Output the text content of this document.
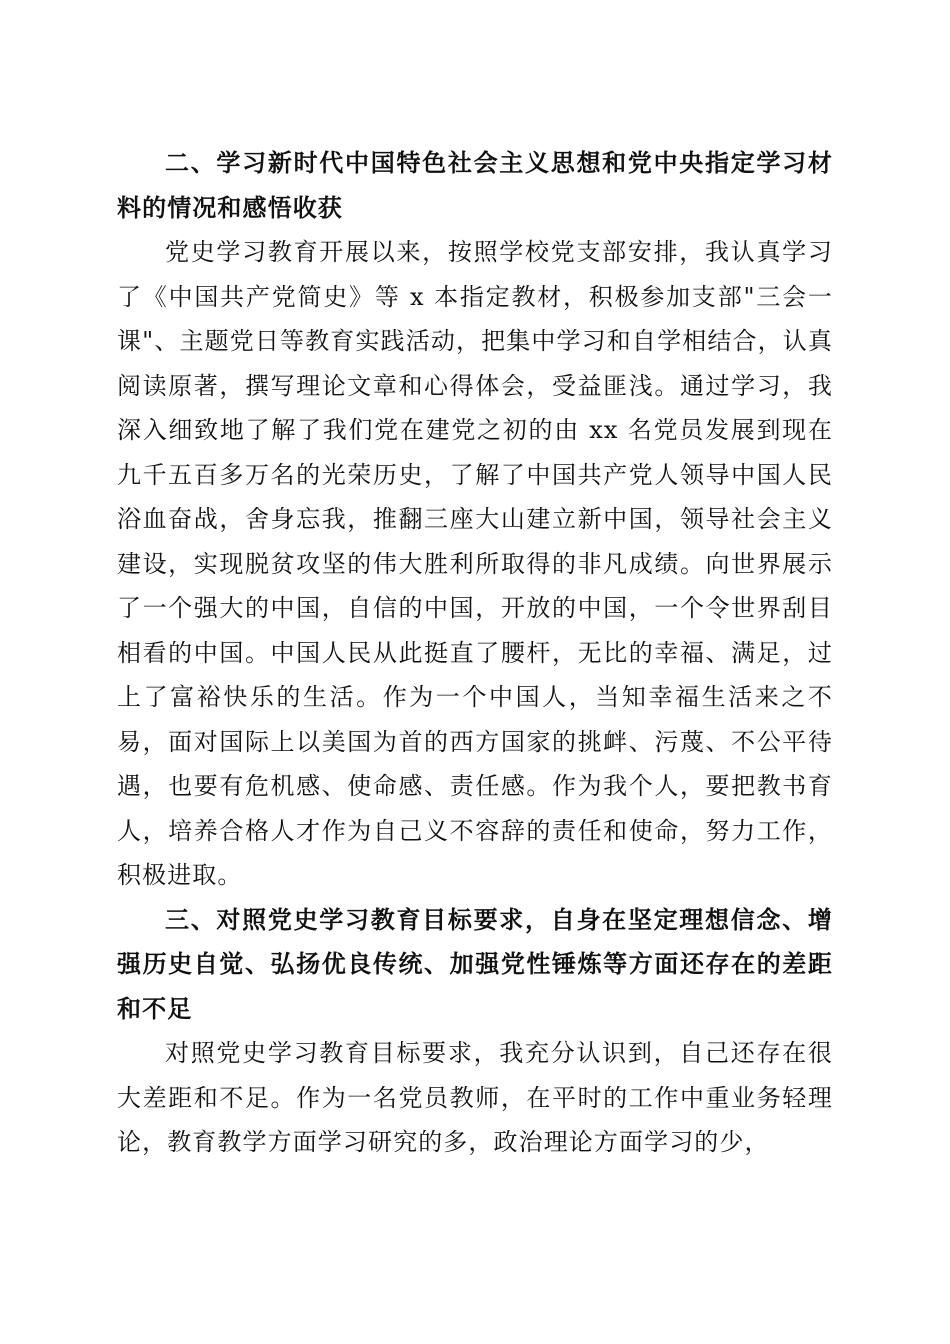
二、学习新时代中国特色社会主义思想和党中央指定学习材料的情况和感悟收获

党史学习教育开展以来，按照学校党支部安排，我认真学习了《中国共产党简史》等 x 本指定教材，积极参加支部"三会一课"、主题党日等教育实践活动，把集中学习和自学相结合，认真阅读原著，撰写理论文章和心得体会，受益匪浅。通过学习，我深入细致地了解了我们党在建党之初的由 xx 名党员发展到现在九千五百多万名的光荣历史，了解了中国共产党人领导中国人民浴血奋战，舍身忘我，推翻三座大山建立新中国，领导社会主义建设，实现脱贫攻坚的伟大胜利所取得的非凡成绩。向世界展示了一个强大的中国，自信的中国，开放的中国，一个令世界刮目相看的中国。中国人民从此挺直了腰杆，无比的幸福、满足，过上了富裕快乐的生活。作为一个中国人，当知幸福生活来之不易，面对国际上以美国为首的西方国家的挑衅、污蔑、不公平待遇，也要有危机感、使命感、责任感。作为我个人，要把教书育人，培养合格人才作为自己义不容辞的责任和使命，努力工作，积极进取。

三、对照党史学习教育目标要求，自身在坚定理想信念、增强历史自觉、弘扬优良传统、加强党性锤炼等方面还存在的差距和不足

对照党史学习教育目标要求，我充分认识到，自己还存在很大差距和不足。作为一名党员教师，在平时的工作中重业务轻理论，教育教学方面学习研究的多，政治理论方面学习的少，
